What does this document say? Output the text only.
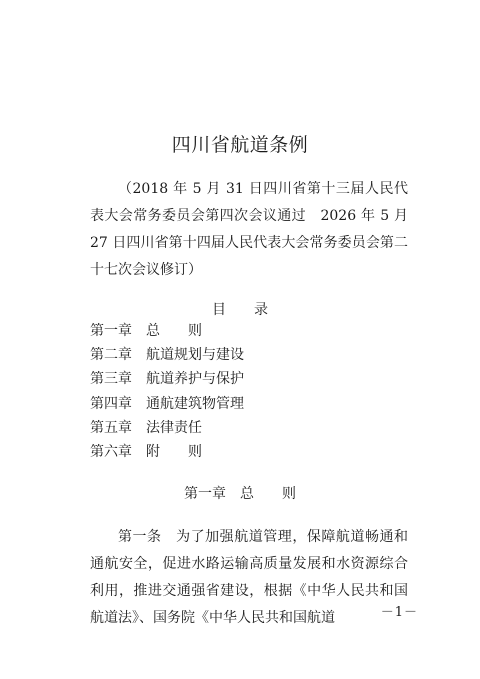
四川省航道条例

（2018 年 5 月 31 日四川省第十三届人民代表大会常务委员会第四次会议通过　2026 年 5 月 27 日四川省第十四届人民代表大会常务委员会第二十七次会议修订）

目　　录
第一章　总　　则
第二章　航道规划与建设
第三章　航道养护与保护
第四章　通航建筑物管理
第五章　法律责任
第六章　附　　则
第一章　总　　则

第一条　为了加强航道管理，保障航道畅通和通航安全，促进水路运输高质量发展和水资源综合利用，推进交通强省建设，根据《中华人民共和国航道法》、国务院《中华人民共和国航道	－1－
